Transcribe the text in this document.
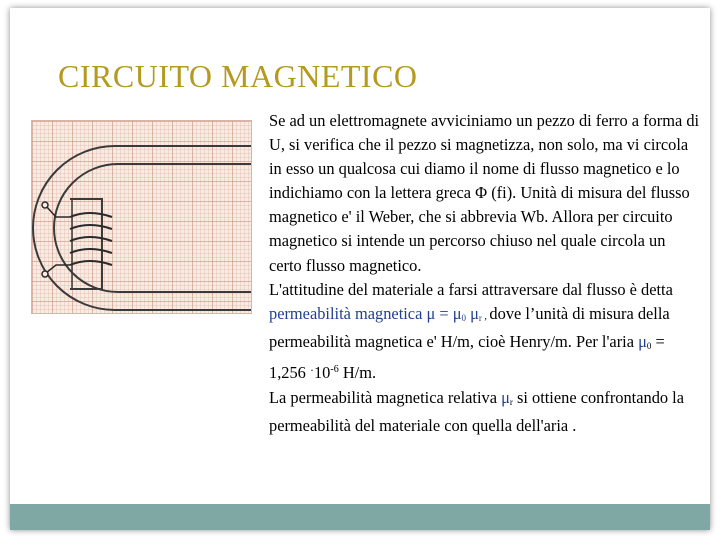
CIRCUITO MAGNETICO

Se ad un elettromagnete avviciniamo un pezzo di ferro a forma di U, si verifica che il pezzo si magnetizza, non solo, ma vi circola in esso un qualcosa cui diamo il nome di flusso magnetico e lo indichiamo con la lettera greca Φ (fi). Unità di misura del flusso magnetico e' il Weber, che si abbrevia Wb. Allora per circuito magnetico si intende un percorso chiuso nel quale circola un certo flusso magnetico.

L'attitudine del materiale a farsi attraversare dal flusso è detta permeabilità magnetica $\mu = \mu_0$ $\mu_r$ , dove l’unità di misura della permeabilità magnetica e' H/m, cioè Henry/m. Per l'aria $\mu_0 = 1,256$ $^\cdot 10^{-6}$ H/m.

La permeabilità magnetica relativa $\mu_r$ si ottiene confrontando la permeabilità del materiale con quella dell'aria .
